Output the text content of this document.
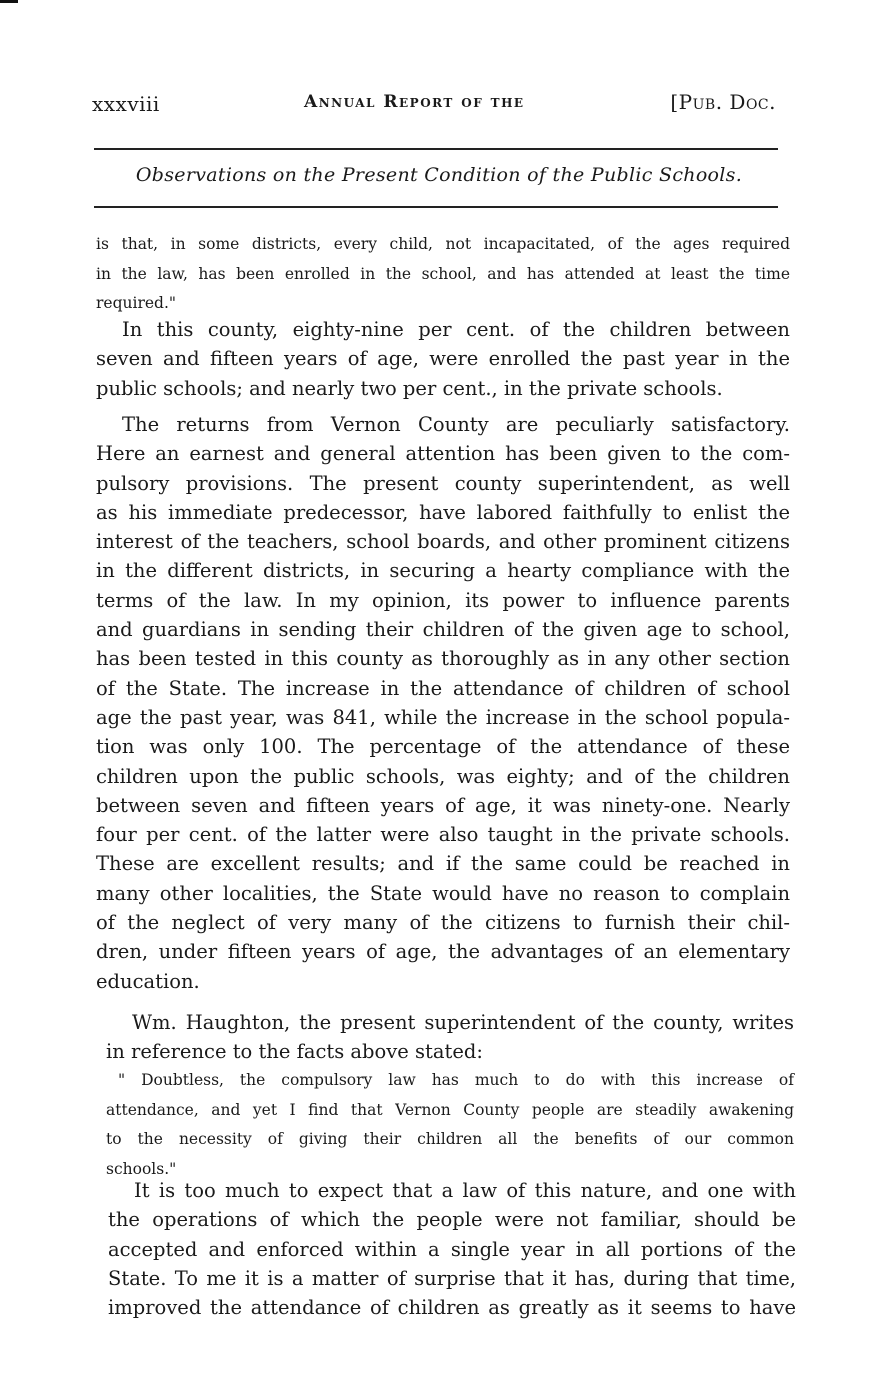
xxxviii	Annual Report of the	[Pub. Doc.
Observations on the Present Condition of the Public Schools.
is that, in some districts, every child, not incapacitated, of the ages required
in the law, has been enrolled in the school, and has attended at least the time
required."
In this county, eighty-nine per cent. of the children between
seven and fifteen years of age, were enrolled the past year in the
public schools; and nearly two per cent., in the private schools.
The returns from Vernon County are peculiarly satisfactory.
Here an earnest and general attention has been given to the com-
pulsory provisions. The present county superintendent, as well
as his immediate predecessor, have labored faithfully to enlist the
interest of the teachers, school boards, and other prominent citizens
in the different districts, in securing a hearty compliance with the
terms of the law. In my opinion, its power to influence parents
and guardians in sending their children of the given age to school,
has been tested in this county as thoroughly as in any other section
of the State. The increase in the attendance of children of school
age the past year, was 841, while the increase in the school popula-
tion was only 100. The percentage of the attendance of these
children upon the public schools, was eighty; and of the children
between seven and fifteen years of age, it was ninety-one. Nearly
four per cent. of the latter were also taught in the private schools.
These are excellent results; and if the same could be reached in
many other localities, the State would have no reason to complain
of the neglect of very many of the citizens to furnish their chil-
dren, under fifteen years of age, the advantages of an elementary
education.
Wm. Haughton, the present superintendent of the county, writes
in reference to the facts above stated:
" Doubtless, the compulsory law has much to do with this increase of
attendance, and yet I find that Vernon County people are steadily awakening
to the necessity of giving their children all the benefits of our common
schools."
It is too much to expect that a law of this nature, and one with
the operations of which the people were not familiar, should be
accepted and enforced within a single year in all portions of the
State. To me it is a matter of surprise that it has, during that time,
improved the attendance of children as greatly as it seems to have
